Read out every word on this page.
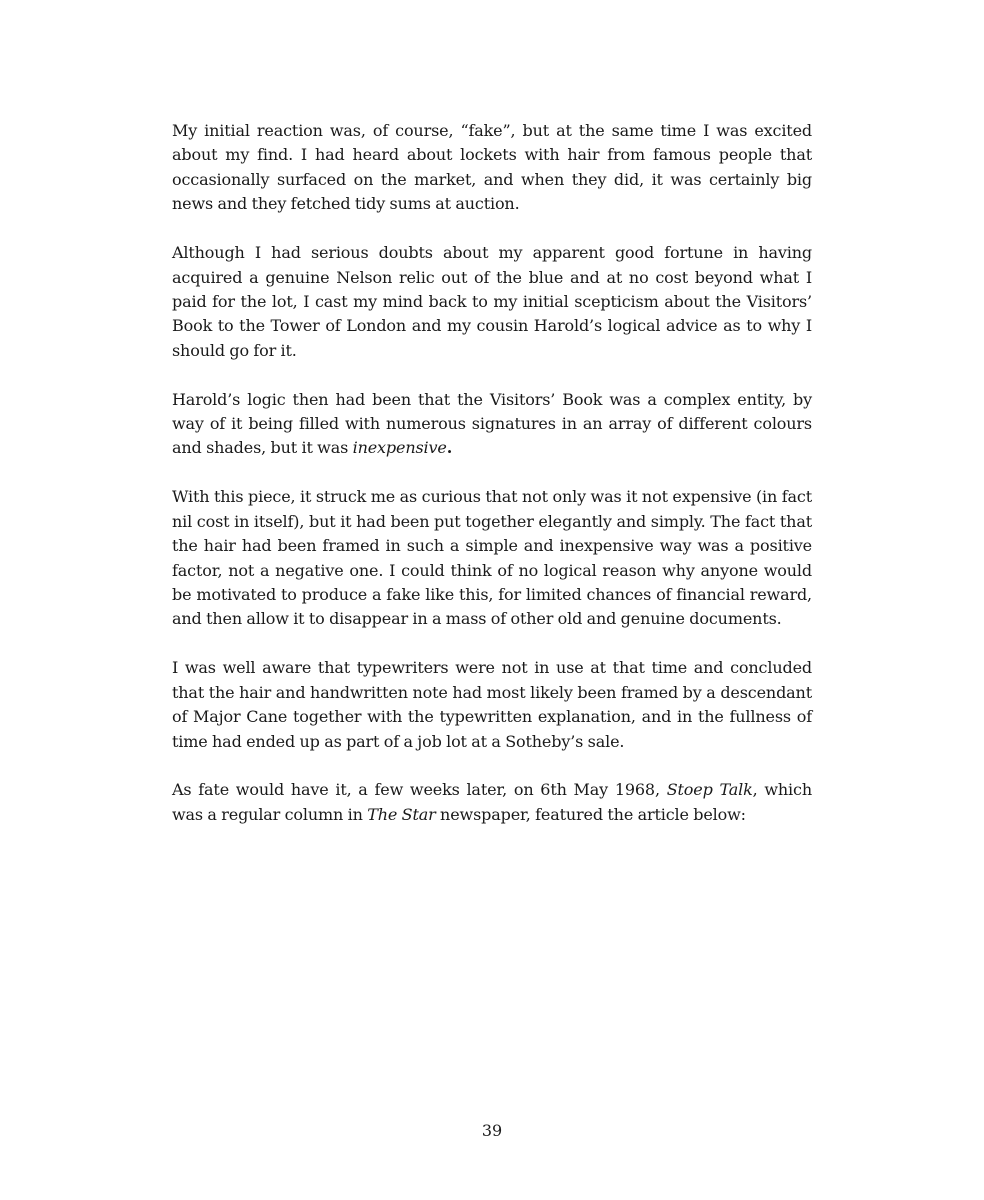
My initial reaction was, of course, “fake”, but at the same time I was excited about my find. I had heard about lockets with hair from famous people that occasionally surfaced on the market, and when they did, it was certainly big news and they fetched tidy sums at auction.

Although I had serious doubts about my apparent good fortune in having acquired a genuine Nelson relic out of the blue and at no cost beyond what I paid for the lot, I cast my mind back to my initial scepticism about the Visitors’ Book to the Tower of London and my cousin Harold’s logical advice as to why I should go for it.

Harold’s logic then had been that the Visitors’ Book was a complex entity, by way of it being filled with numerous signatures in an array of different colours and shades, but it was inexpensive.

With this piece, it struck me as curious that not only was it not expensive (in fact nil cost in itself), but it had been put together elegantly and simply. The fact that the hair had been framed in such a simple and inexpensive way was a positive factor, not a negative one. I could think of no logical reason why anyone would be motivated to produce a fake like this, for limited chances of financial reward, and then allow it to disappear in a mass of other old and genuine documents.

I was well aware that typewriters were not in use at that time and concluded that the hair and handwritten note had most likely been framed by a descendant of Major Cane together with the typewritten explanation, and in the fullness of time had ended up as part of a job lot at a Sotheby’s sale.

As fate would have it, a few weeks later, on 6th May 1968, Stoep Talk, which was a regular column in The Star newspaper, featured the article below:

39
